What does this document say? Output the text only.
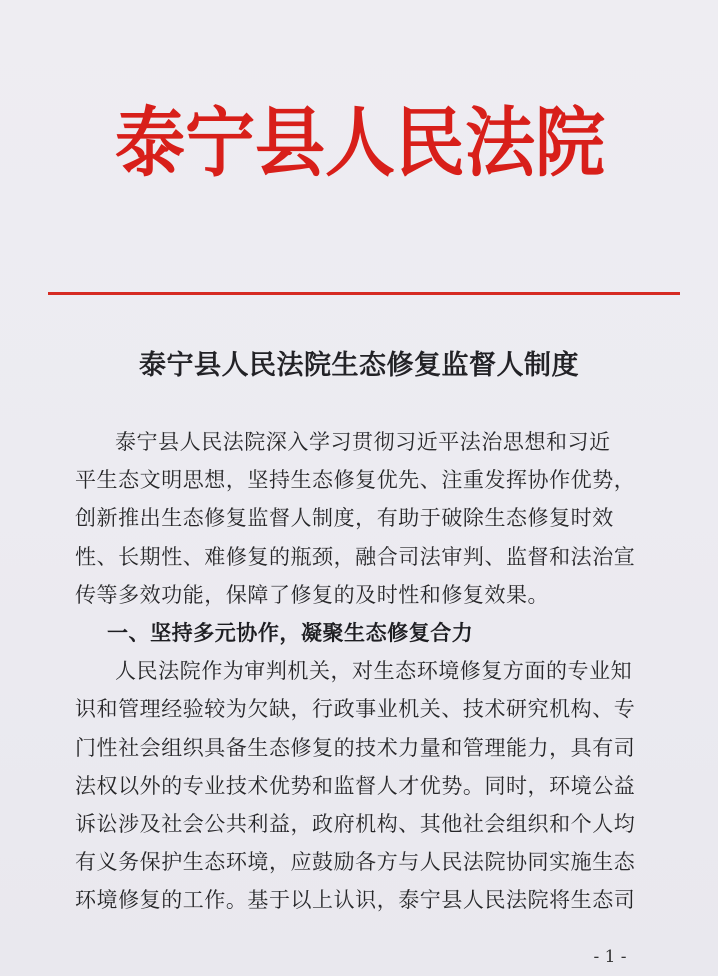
泰宁县人民法院
泰宁县人民法院生态修复监督人制度
泰宁县人民法院深入学习贯彻习近平法治思想和习近
平生态文明思想，坚持生态修复优先、注重发挥协作优势，
创新推出生态修复监督人制度，有助于破除生态修复时效
性、长期性、难修复的瓶颈，融合司法审判、监督和法治宣
传等多效功能，保障了修复的及时性和修复效果。
一、坚持多元协作，凝聚生态修复合力
人民法院作为审判机关，对生态环境修复方面的专业知
识和管理经验较为欠缺，行政事业机关、技术研究机构、专
门性社会组织具备生态修复的技术力量和管理能力，具有司
法权以外的专业技术优势和监督人才优势。同时，环境公益
诉讼涉及社会公共利益，政府机构、其他社会组织和个人均
有义务保护生态环境，应鼓励各方与人民法院协同实施生态
环境修复的工作。基于以上认识，泰宁县人民法院将生态司
- 1 -
